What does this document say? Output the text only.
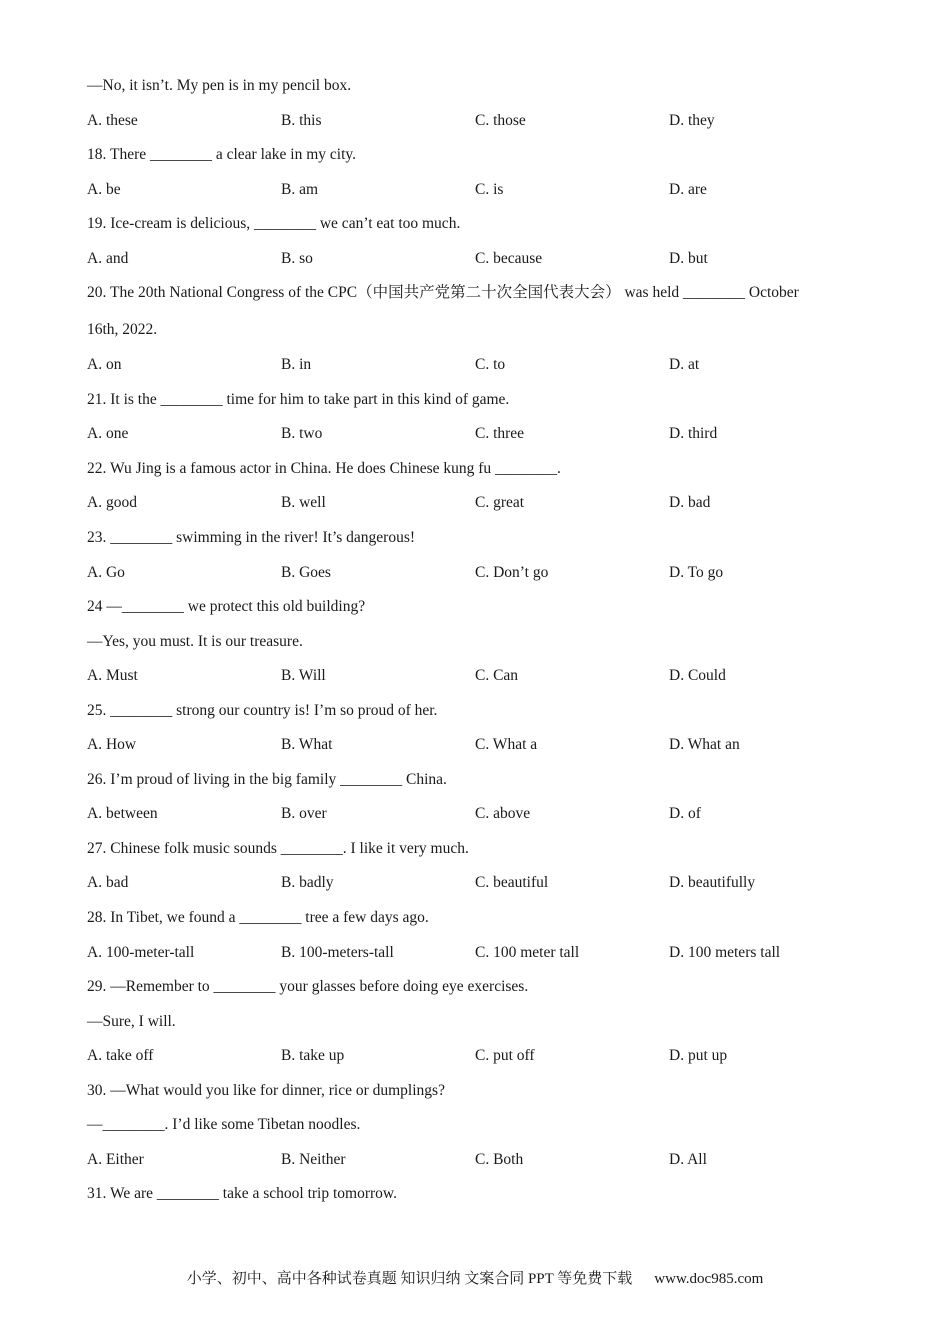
—No, it isn’t. My pen is in my pencil box.
18. There ________ a clear lake in my city.
19. Ice-cream is delicious, ________ we can’t eat too much.
20. The 20th National Congress of the CPC（中国共产党第二十次全国代表大会） was held ________ October
16th, 2022.
21. It is the ________ time for him to take part in this kind of game.
22. Wu Jing is a famous actor in China. He does Chinese kung fu ________.
23. ________ swimming in the river! It’s dangerous!
24 —________ we protect this old building?
—Yes, you must. It is our treasure.
25. ________ strong our country is! I’m so proud of her.
26. I’m proud of living in the big family ________ China.
27. Chinese folk music sounds ________. I like it very much.
28. In Tibet, we found a ________ tree a few days ago.
29. —Remember to ________ your glasses before doing eye exercises.
—Sure, I will.
30. —What would you like for dinner, rice or dumplings?
—________. I’d like some Tibetan noodles.
31. We are ________ take a school trip tomorrow.
A. these	B. this	C. those	D. they
A. be	B. am	C. is	D. are
A. and	B. so	C. because	D. but
A. on	B. in	C. to	D. at
A. one	B. two	C. three	D. third
A. good	B. well	C. great	D. bad
A. Go	B. Goes	C. Don’t go	D. To go
A. Must	B. Will	C. Can	D. Could
A. How	B. What	C. What a	D. What an
A. between	B. over	C. above	D. of
A. bad	B. badly	C. beautiful	D. beautifully
A. 100-meter-tall	B. 100-meters-tall	C. 100 meter tall	D. 100 meters tall
A. take off	B. take up	C. put off	D. put up
A. Either	B. Neither	C. Both	D. All
小学、初中、高中各种试卷真题 知识归纳 文案合同 PPT 等免费下载 www.doc985.com
